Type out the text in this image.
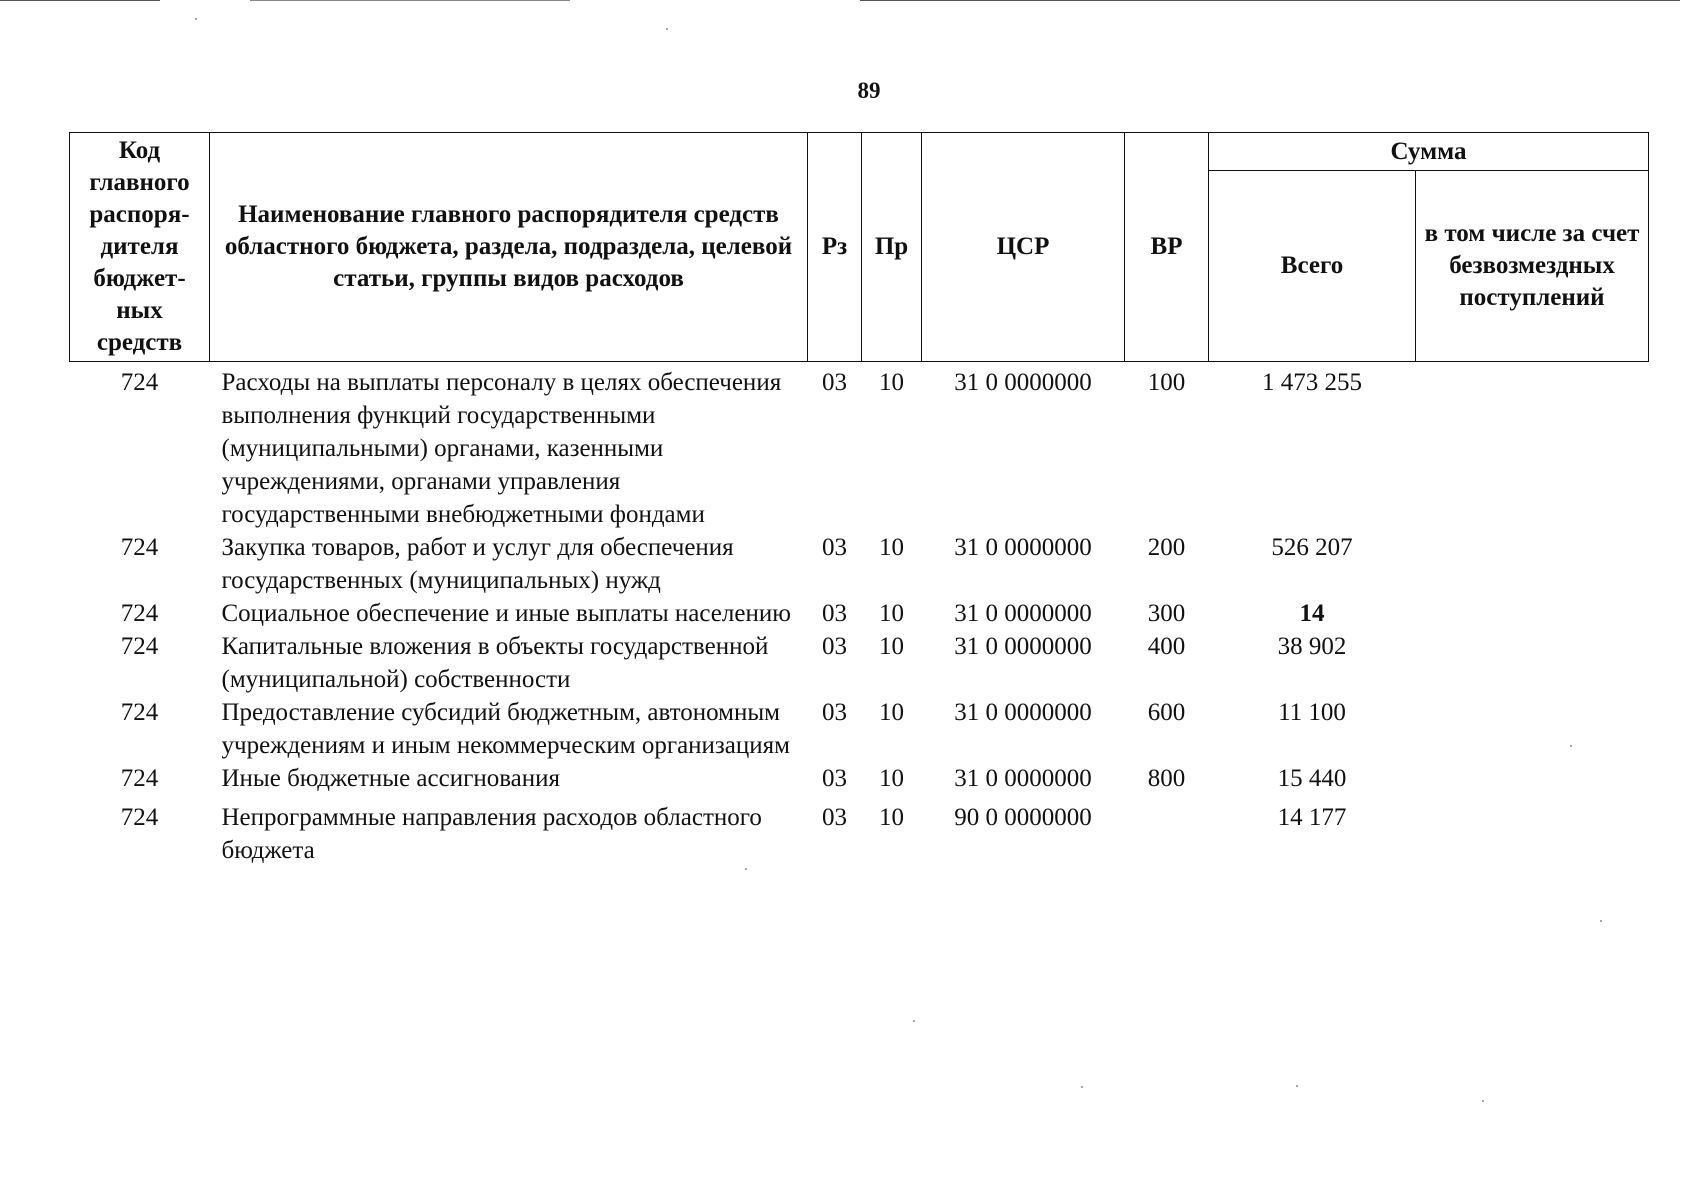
89
Код главного распоря-дителя бюджет-ных средств	Наименование главного распорядителя средств областного бюджета, раздела, подраздела, целевой статьи, группы видов расходов	Рз	Пр	ЦСР	ВР	Сумма	
						Всего	в том числе за счет безвозмездных поступлений
724	Расходы на выплаты персоналу в целях обеспечения выполнения функций государственными (муниципальными) органами, казенными учреждениями, органами управления государственными внебюджетными фондами	03	10	31 0 0000000	100	1 473 255	
724	Закупка товаров, работ и услуг для обеспечения государственных (муниципальных) нужд	03	10	31 0 0000000	200	526 207	
724	Социальное обеспечение и иные выплаты населению	03	10	31 0 0000000	300	14	
724	Капитальные вложения в объекты государственной (муниципальной) собственности	03	10	31 0 0000000	400	38 902	
724	Предоставление субсидий бюджетным, автономным учреждениям и иным некоммерческим организациям	03	10	31 0 0000000	600	11 100	
724	Иные бюджетные ассигнования	03	10	31 0 0000000	800	15 440	
724	Непрограммные направления расходов областного бюджета	03	10	90 0 0000000		14 177	
